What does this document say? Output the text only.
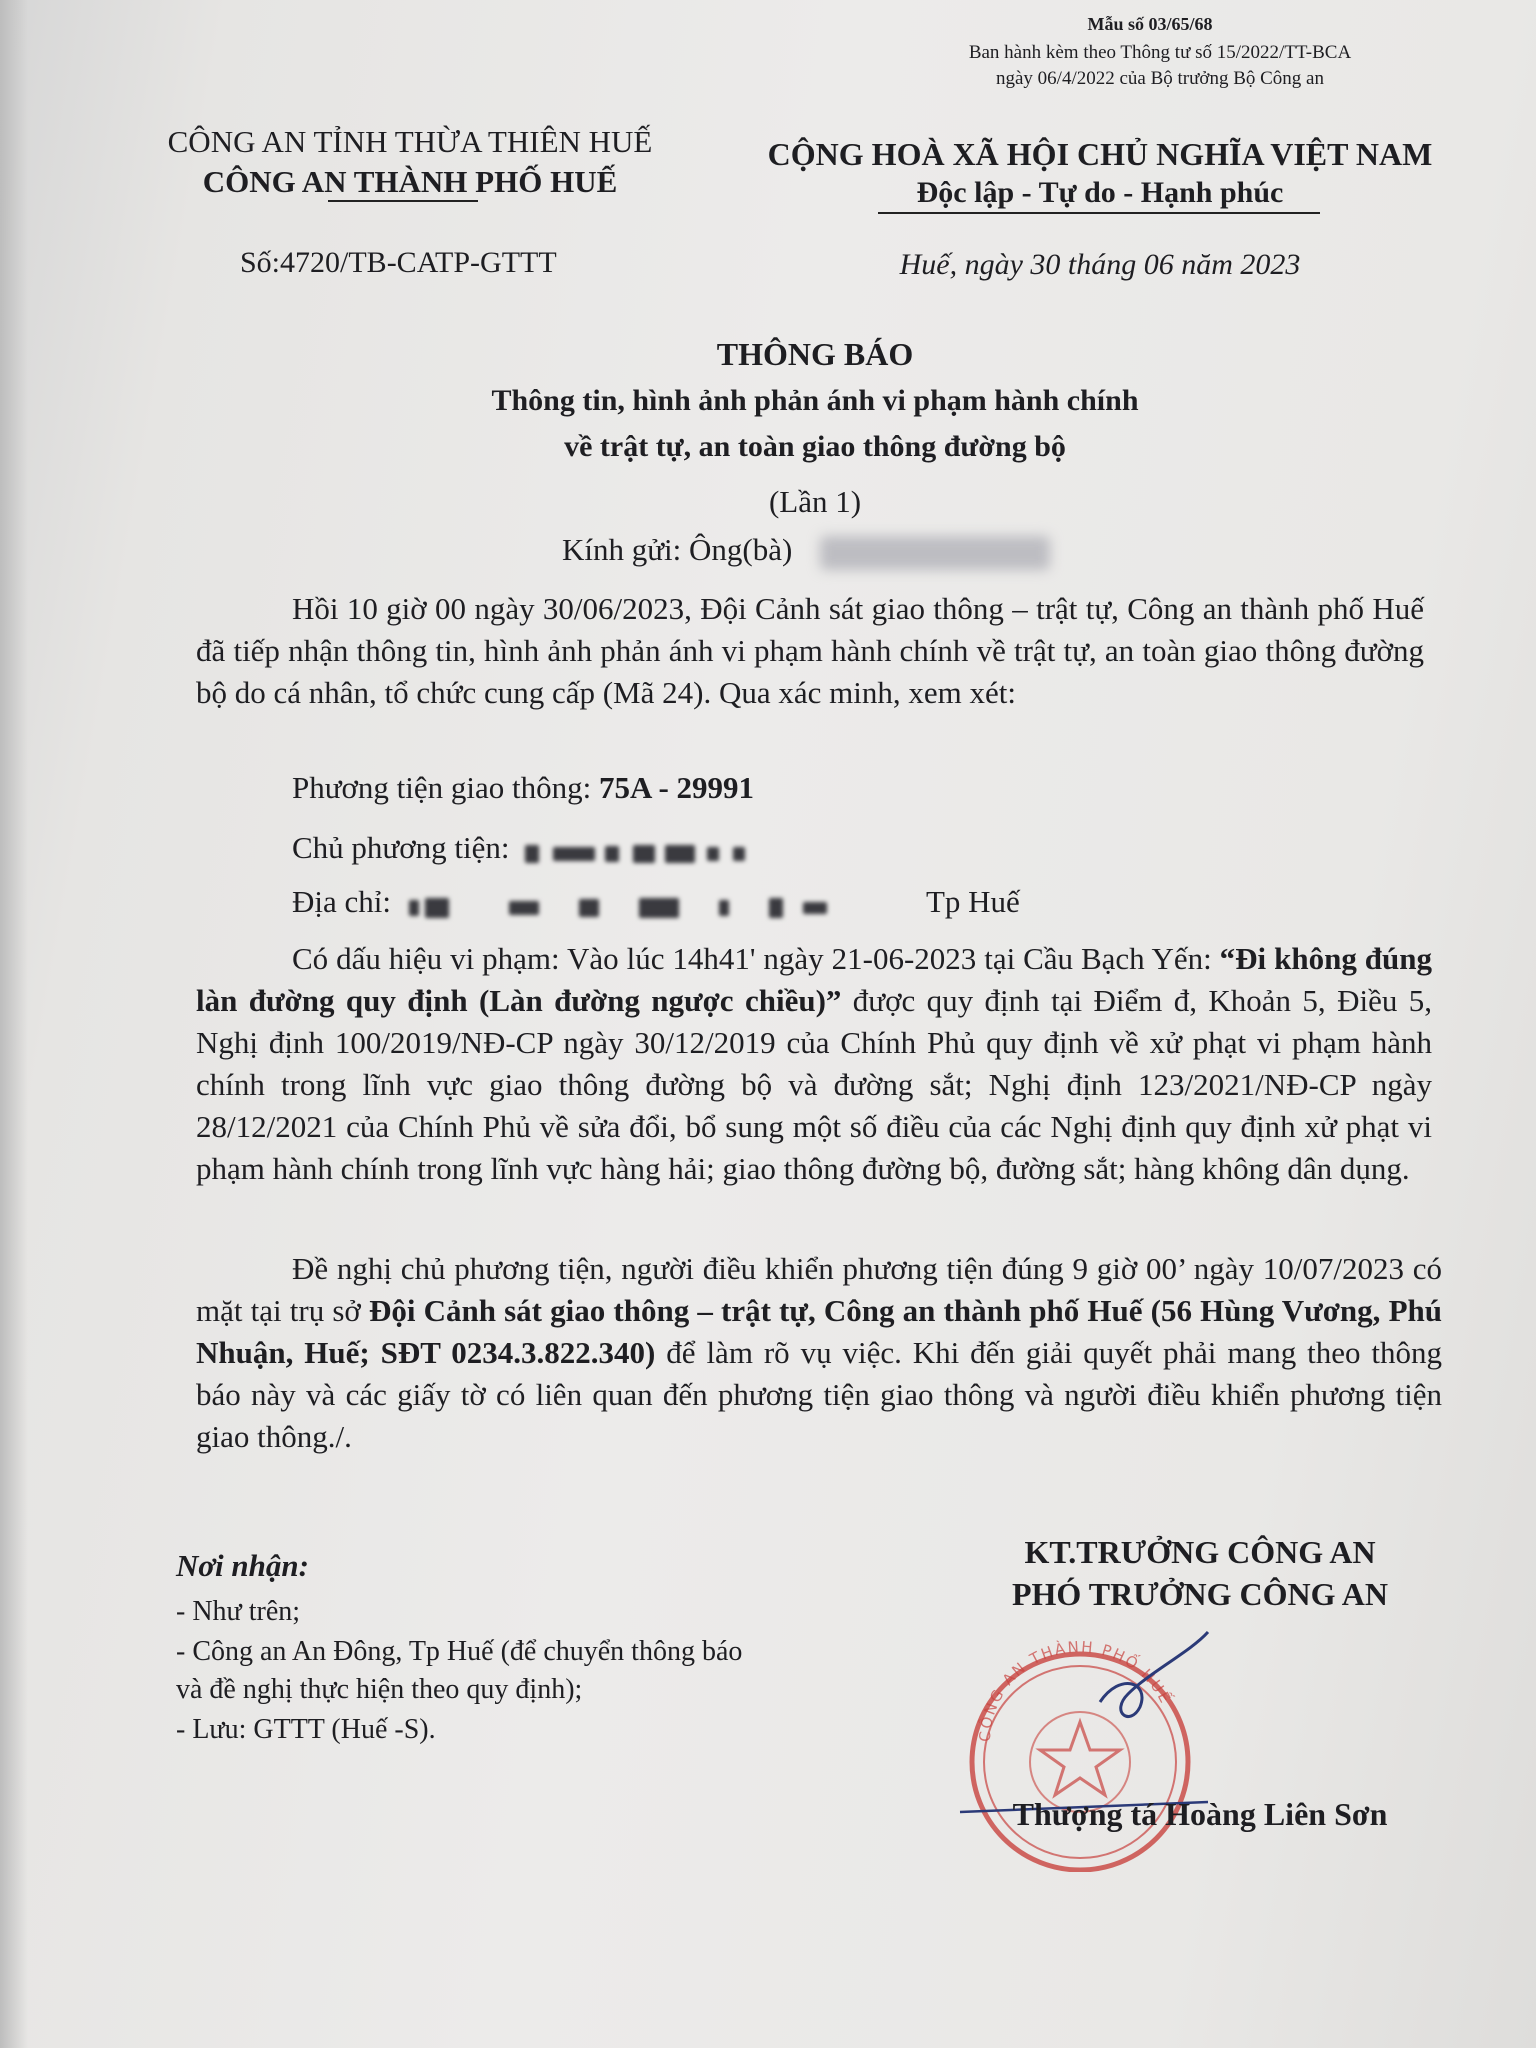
Mẫu số 03/65/68
Ban hành kèm theo Thông tư số 15/2022/TT-BCA
ngày 06/4/2022 của Bộ trưởng Bộ Công an
CÔNG AN TỈNH THỪA THIÊN HUẾ
CÔNG AN THÀNH PHỐ HUẾ
Số:4720/TB-CATP-GTTT
CỘNG HOÀ XÃ HỘI CHỦ NGHĨA VIỆT NAM
Độc lập - Tự do - Hạnh phúc
Huế, ngày 30 tháng 06 năm 2023
THÔNG BÁO
Thông tin, hình ảnh phản ánh vi phạm hành chính
về trật tự, an toàn giao thông đường bộ
(Lần 1)
Kính gửi: Ông(bà)
Hồi 10 giờ 00 ngày 30/06/2023, Đội Cảnh sát giao thông – trật tự, Công an thành phố Huế đã tiếp nhận thông tin, hình ảnh phản ánh vi phạm hành chính về trật tự, an toàn giao thông đường bộ do cá nhân, tổ chức cung cấp (Mã 24). Qua xác minh, xem xét:
Phương tiện giao thông: 75A - 29991
Chủ phương tiện:
Địa chỉ:	Tp Huế
Có dấu hiệu vi phạm: Vào lúc 14h41' ngày 21-06-2023 tại Cầu Bạch Yến: “Đi không đúng làn đường quy định (Làn đường ngược chiều)” được quy định tại Điểm đ, Khoản 5, Điều 5, Nghị định 100/2019/NĐ-CP ngày 30/12/2019 của Chính Phủ quy định về xử phạt vi phạm hành chính trong lĩnh vực giao thông đường bộ và đường sắt; Nghị định 123/2021/NĐ-CP ngày 28/12/2021 của Chính Phủ về sửa đổi, bổ sung một số điều của các Nghị định quy định xử phạt vi phạm hành chính trong lĩnh vực hàng hải; giao thông đường bộ, đường sắt; hàng không dân dụng.
Đề nghị chủ phương tiện, người điều khiển phương tiện đúng 9 giờ 00’ ngày 10/07/2023 có mặt tại trụ sở Đội Cảnh sát giao thông – trật tự, Công an thành phố Huế (56 Hùng Vương, Phú Nhuận, Huế; SĐT 0234.3.822.340) để làm rõ vụ việc. Khi đến giải quyết phải mang theo thông báo này và các giấy tờ có liên quan đến phương tiện giao thông và người điều khiển phương tiện giao thông./.
Nơi nhận:
- Như trên;
- Công an An Đông, Tp Huế (để chuyển thông báo
và đề nghị thực hiện theo quy định);
- Lưu: GTTT (Huế -S).
KT.TRƯỞNG CÔNG AN
PHÓ TRƯỞNG CÔNG AN
CÔNG AN THÀNH PHỐ HUẾ
Thượng tá Hoàng Liên Sơn
